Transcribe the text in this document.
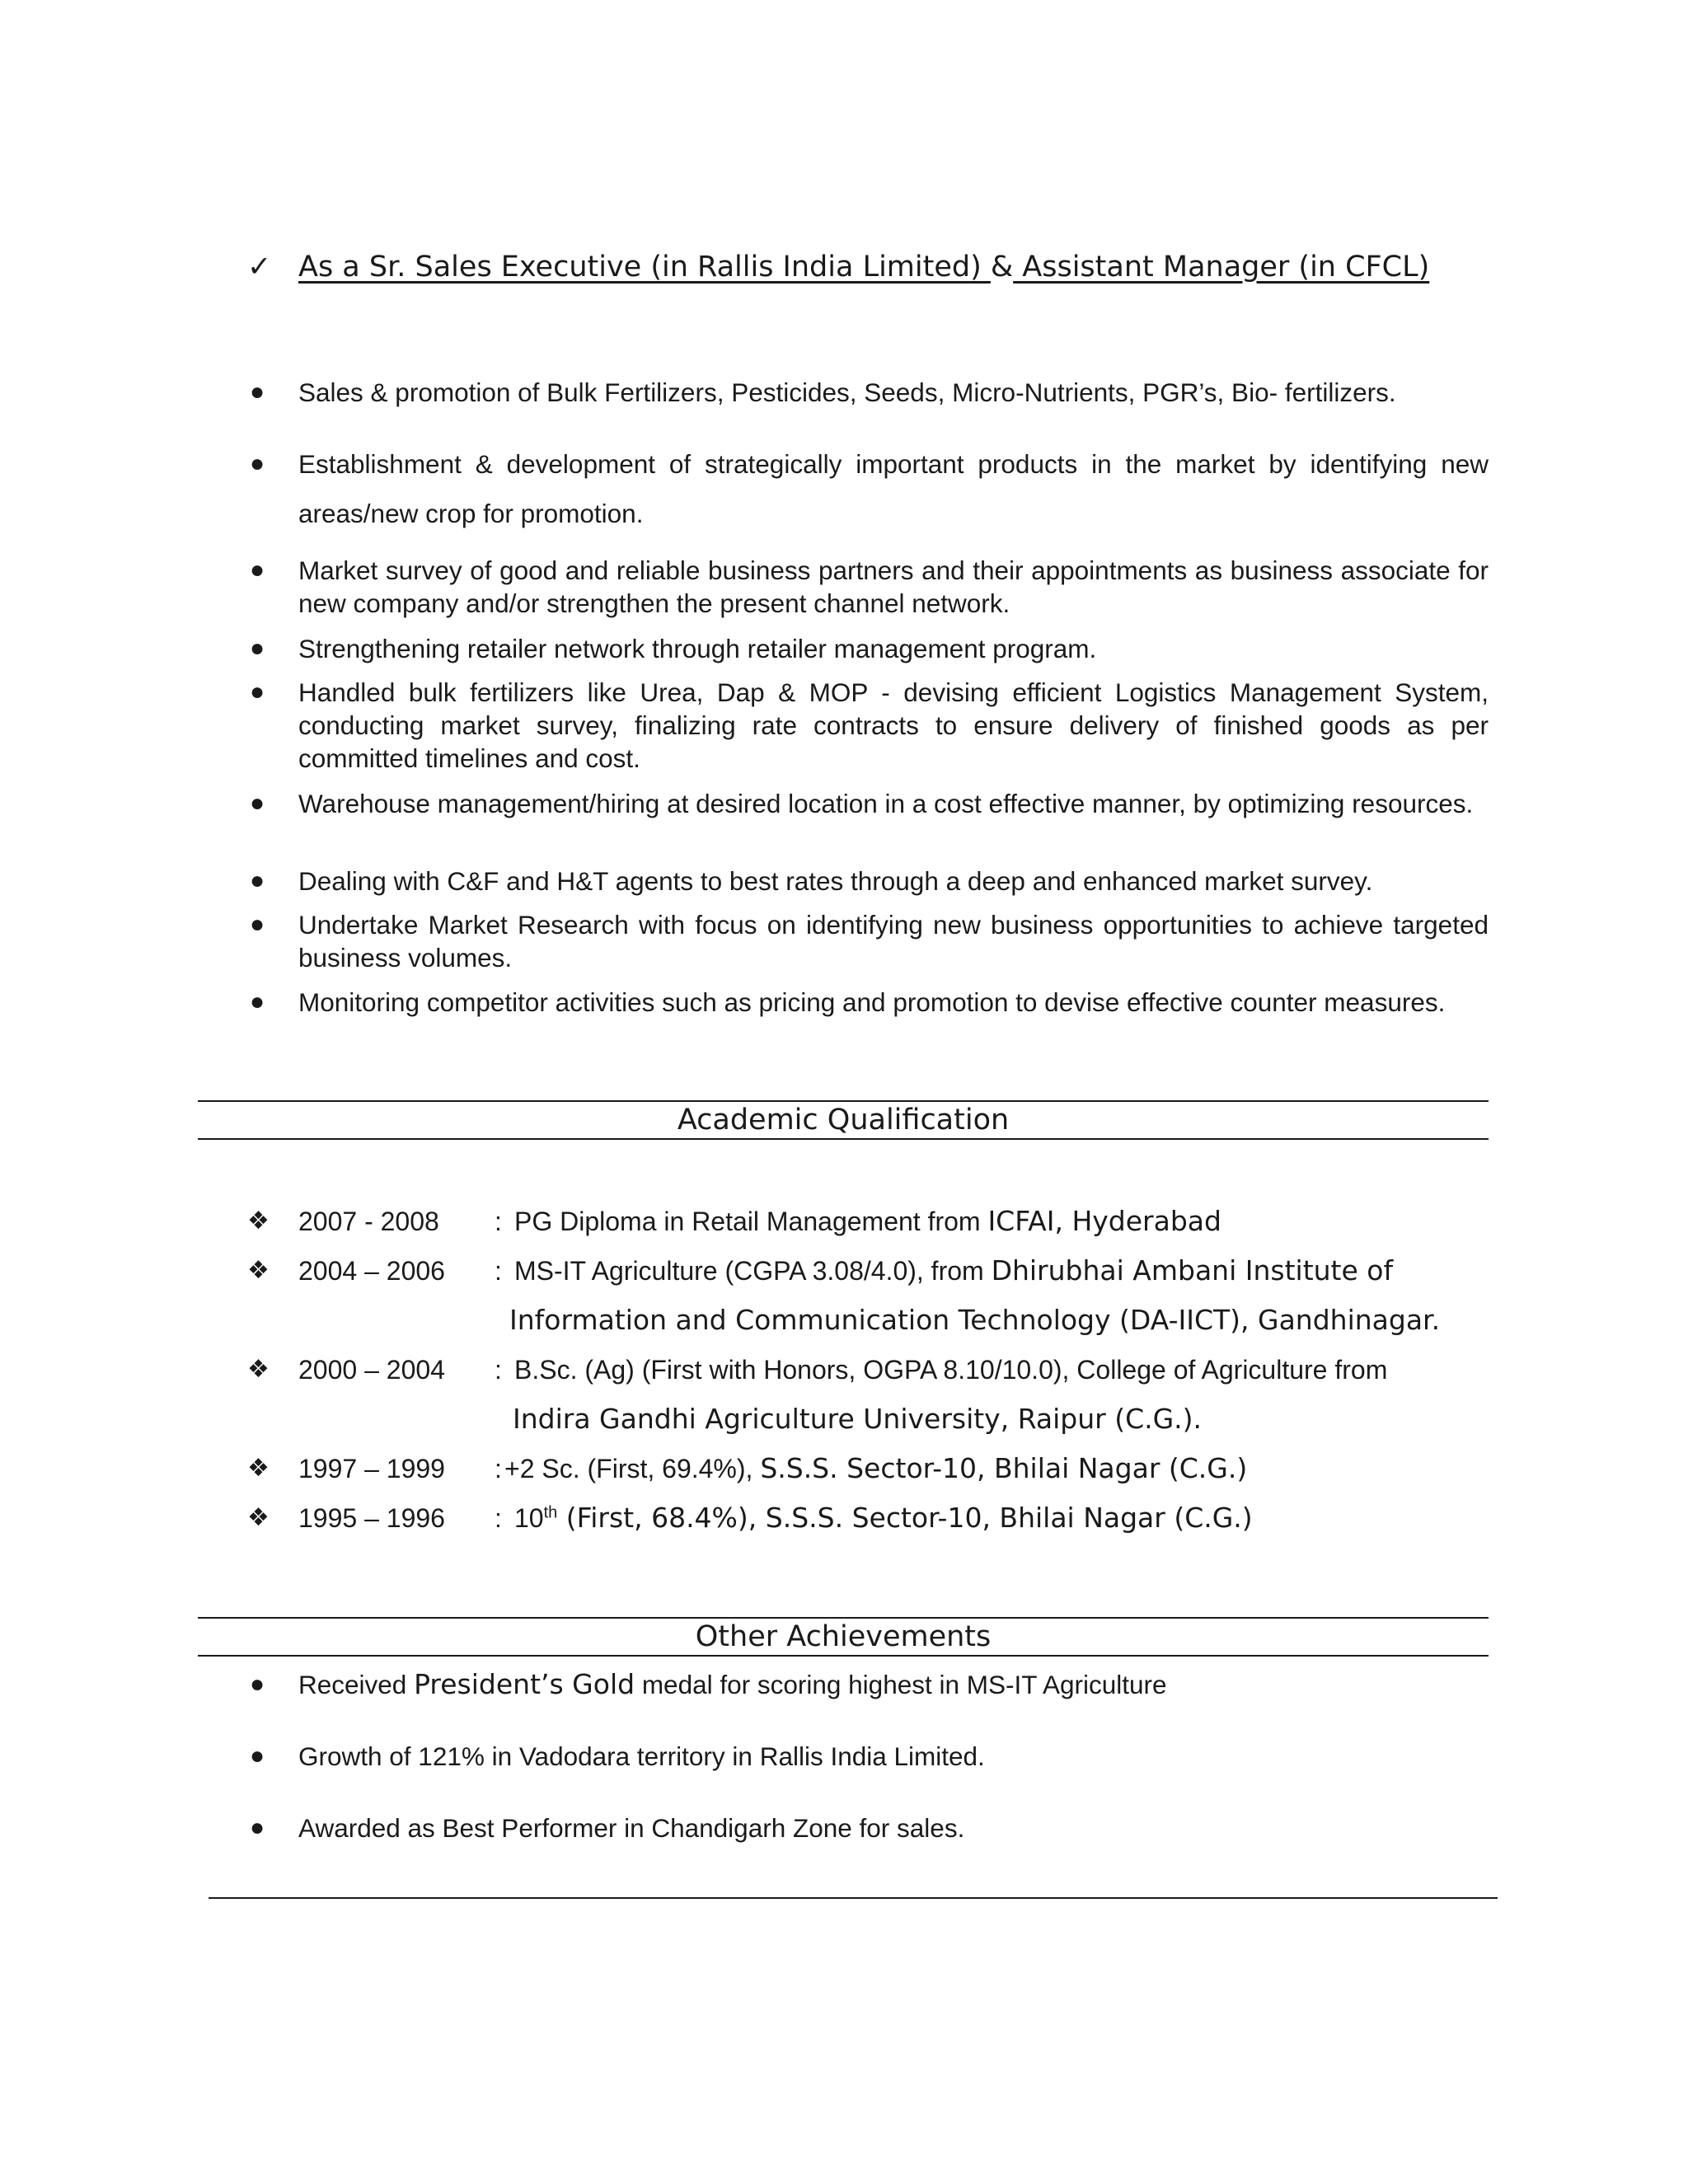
✓ As a Sr. Sales Executive (in Rallis India Limited) & Assistant Manager (in CFCL)
● Sales & promotion of Bulk Fertilizers, Pesticides, Seeds, Micro-Nutrients, PGR’s, Bio- fertilizers.
● Establishment & development of strategically important products in the market by identifying new areas/new crop for promotion.
● Market survey of good and reliable business partners and their appointments as business associate for new company and/or strengthen the present channel network.
● Strengthening retailer network through retailer management program.
● Handled bulk fertilizers like Urea, Dap & MOP - devising efficient Logistics Management System, conducting market survey, finalizing rate contracts to ensure delivery of finished goods as per committed timelines and cost.
● Warehouse management/hiring at desired location in a cost effective manner, by optimizing resources.
● Dealing with C&F and H&T agents to best rates through a deep and enhanced market survey.
● Undertake Market Research with focus on identifying new business opportunities to achieve targeted business volumes.
● Monitoring competitor activities such as pricing and promotion to devise effective counter measures.
Academic Qualification
❖ 2007 - 2008 : PG Diploma in Retail Management from ICFAI, Hyderabad
❖ 2004 – 2006 : MS-IT Agriculture (CGPA 3.08/4.0), from Dhirubhai Ambani Institute of
Information and Communication Technology (DA-IICT), Gandhinagar.
❖ 2000 – 2004 : B.Sc. (Ag) (First with Honors, OGPA 8.10/10.0), College of Agriculture from
Indira Gandhi Agriculture University, Raipur (C.G.).
❖ 1997 – 1999 : +2 Sc. (First, 69.4%), S.S.S. Sector-10, Bhilai Nagar (C.G.)
❖ 1995 – 1996 : 10th (First, 68.4%), S.S.S. Sector-10, Bhilai Nagar (C.G.)
Other Achievements
● Received President’s Gold medal for scoring highest in MS-IT Agriculture
● Growth of 121% in Vadodara territory in Rallis India Limited.
● Awarded as Best Performer in Chandigarh Zone for sales.
